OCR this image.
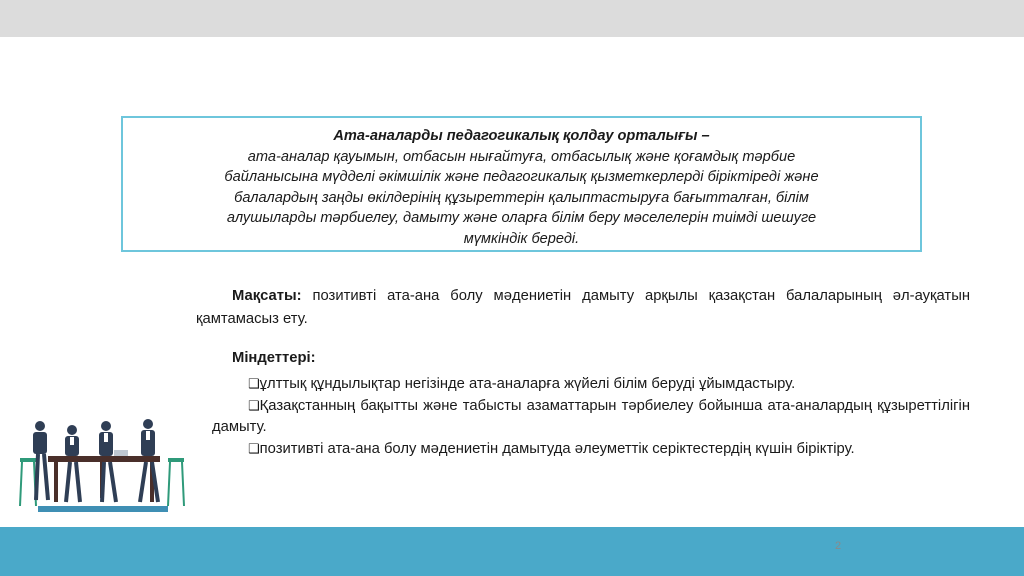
Ата-аналарды педагогикалық қолдау орталығы –
ата-аналар қауымын, отбасын нығайтуға, отбасылық және қоғамдық тәрбие
байланысына мүдделі әкімшілік және педагогикалық қызметкерлерді біріктіреді және
балалардың заңды өкілдерінің құзыреттерін қалыптастыруға бағытталған, білім
алушыларды тәрбиелеу, дамыту және оларға білім беру мәселелерін тиімді шешуге
мүмкіндік береді.
Мақсаты: позитивті ата-ана болу мәдениетін дамыту арқылы қазақстан балаларының әл-ауқатын қамтамасыз ету.
Міндеттері:
❑ұлттық құндылықтар негізінде ата-аналарға жүйелі білім беруді ұйымдастыру.
❑Қазақстанның бақытты және табысты азаматтарын тәрбиелеу бойынша ата-аналардың құзыреттілігін дамыту.
❑позитивті ата-ана болу мәдениетін дамытуда әлеуметтік серіктестердің күшін біріктіру.
2
